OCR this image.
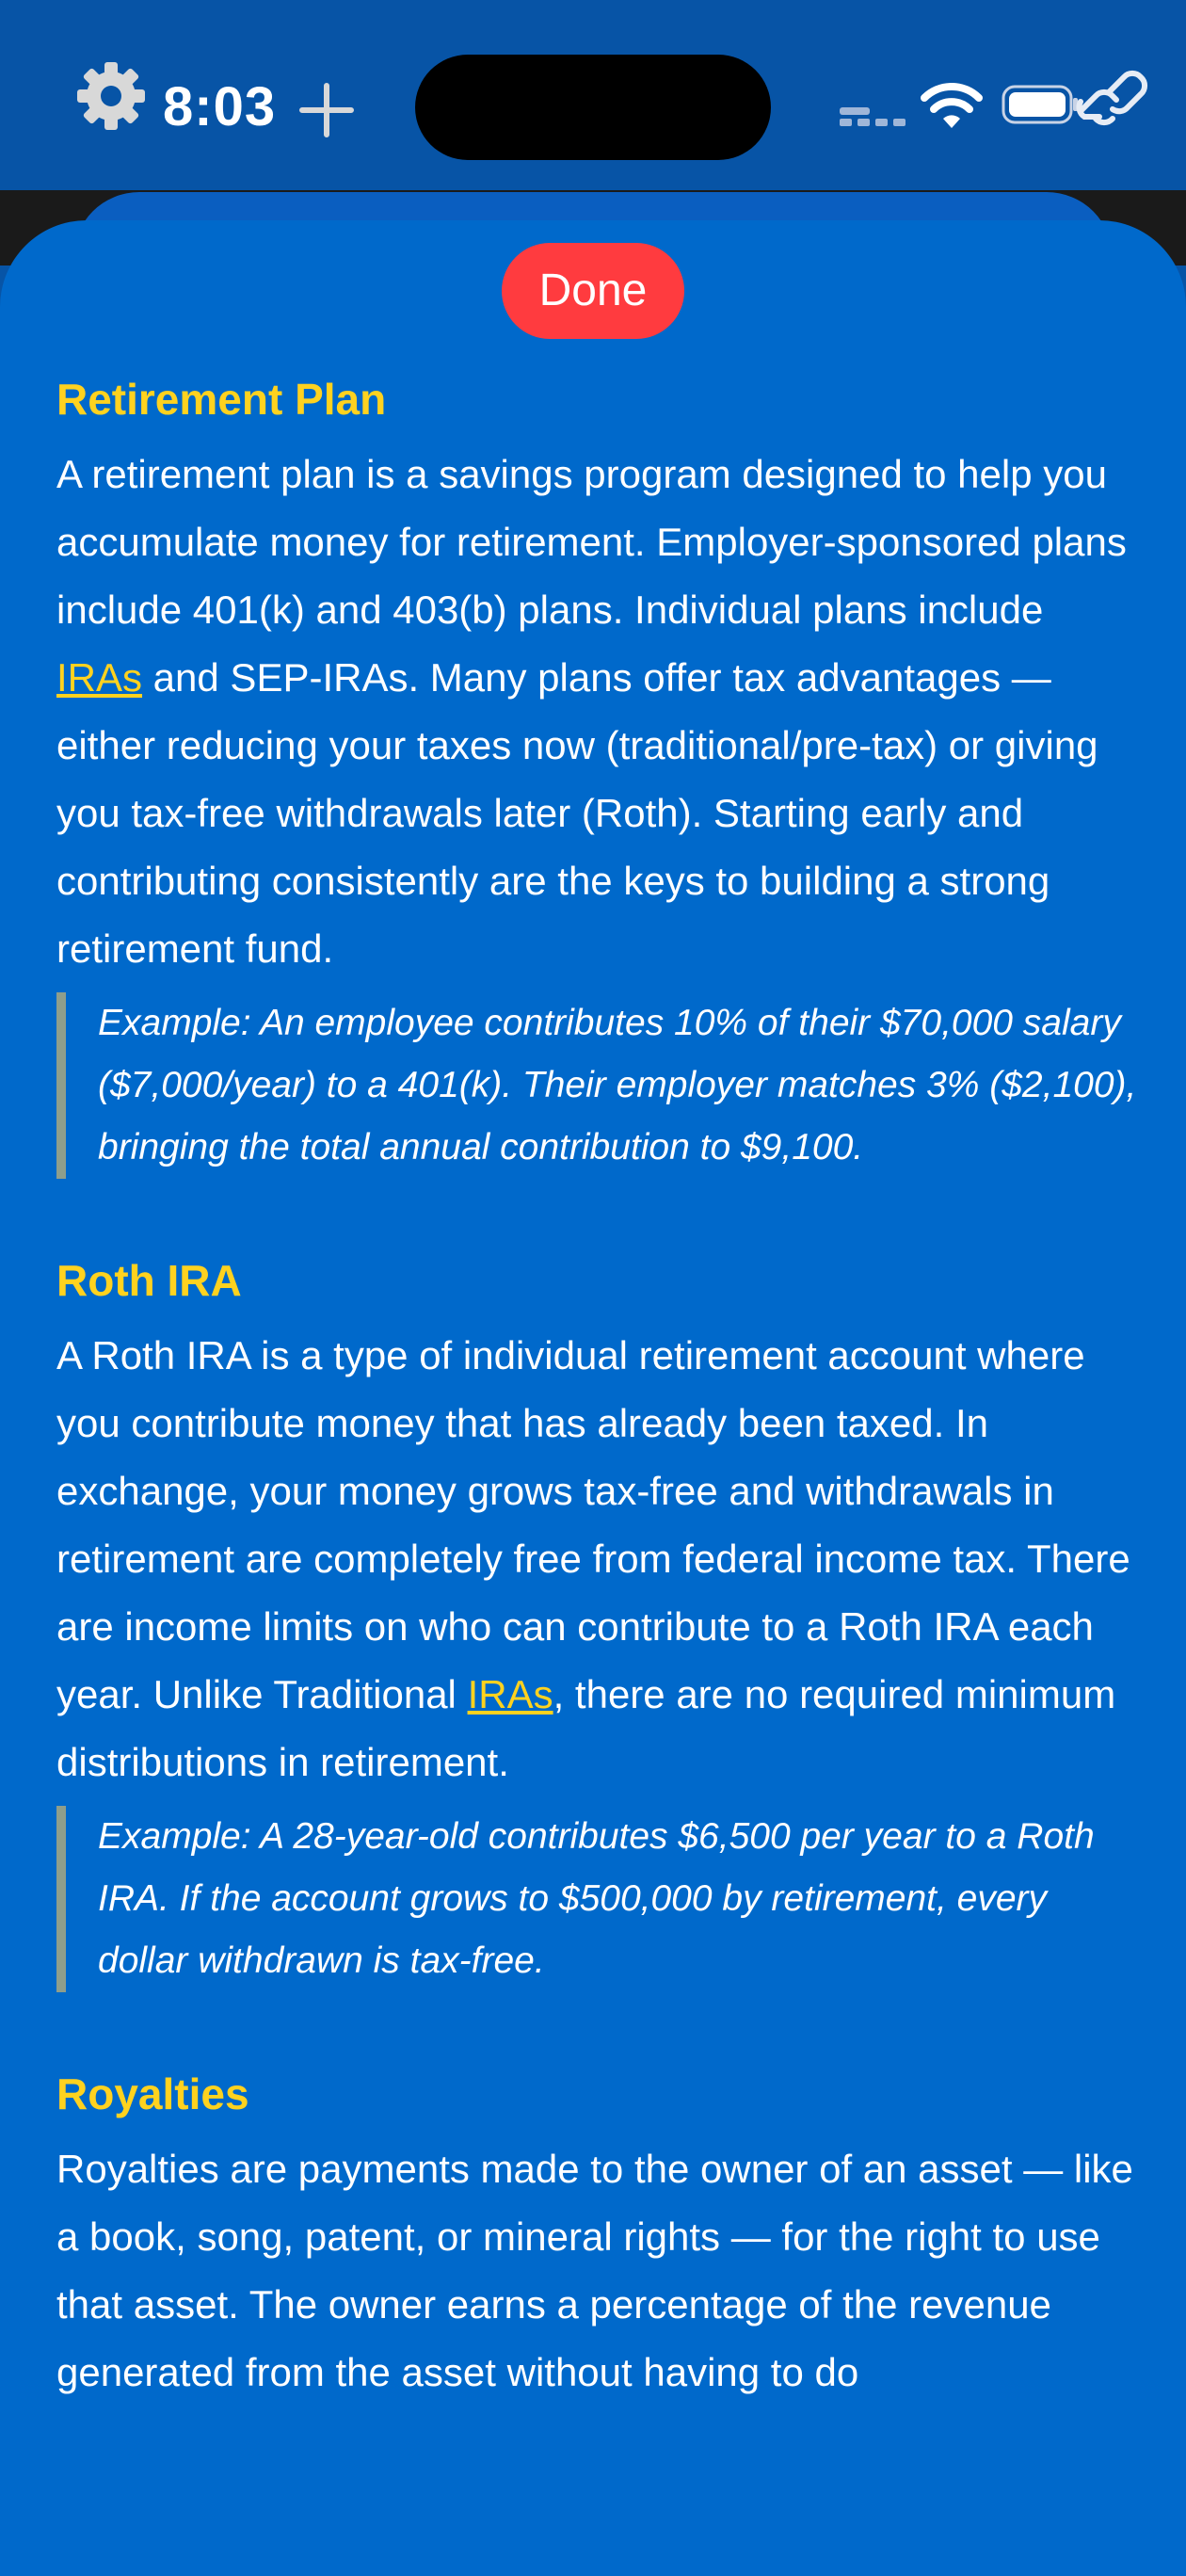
8:03
Done
Retirement Plan

A retirement plan is a savings program designed to help you accumulate money for retirement. Employer-sponsored plans include 401(k) and 403(b) plans. Individual plans include IRAs and SEP-IRAs. Many plans offer tax advantages — either reducing your taxes now (traditional/pre-tax) or giving you tax-free withdrawals later (Roth). Starting early and contributing consistently are the keys to building a strong retirement fund.

Example: An employee contributes 10% of their $70,000 salary ($7,000/year) to a 401(k). Their employer matches 3% ($2,100), bringing the total annual contribution to $9,100.
Roth IRA

A Roth IRA is a type of individual retirement account where you contribute money that has already been taxed. In exchange, your money grows tax-free and withdrawals in retirement are completely free from federal income tax. There are income limits on who can contribute to a Roth IRA each year. Unlike Traditional IRAs, there are no required minimum distributions in retirement.

Example: A 28-year-old contributes $6,500 per year to a Roth IRA. If the account grows to $500,000 by retirement, every dollar withdrawn is tax-free.
Royalties

Royalties are payments made to the owner of an asset — like a book, song, patent, or mineral rights — for the right to use that asset. The owner earns a percentage of the revenue generated from the asset without having to do
